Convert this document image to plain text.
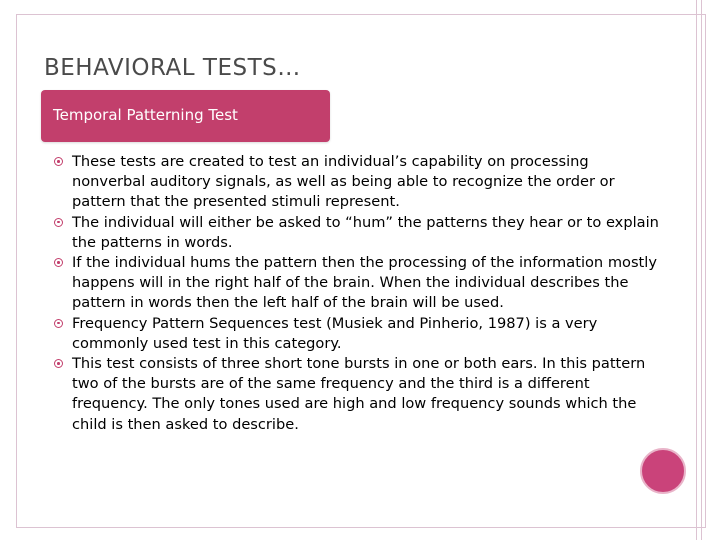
BEHAVIORAL TESTS…
Temporal Patterning Test
These tests are created to test an individual’s capability on processing nonverbal auditory signals, as well as being able to recognize the order or pattern that the presented stimuli represent.
The individual will either be asked to “hum” the patterns they hear or to explain the patterns in words.
If the individual hums the pattern then the processing of the information mostly happens will in the right half of the brain. When the individual describes the pattern in words then the left half of the brain will be used.
Frequency Pattern Sequences test (Musiek and Pinherio, 1987) is a very commonly used test in this category.
This test consists of three short tone bursts in one or both ears. In this pattern two of the bursts are of the same frequency and the third is a different frequency. The only tones used are high and low frequency sounds which the child is then asked to describe.
